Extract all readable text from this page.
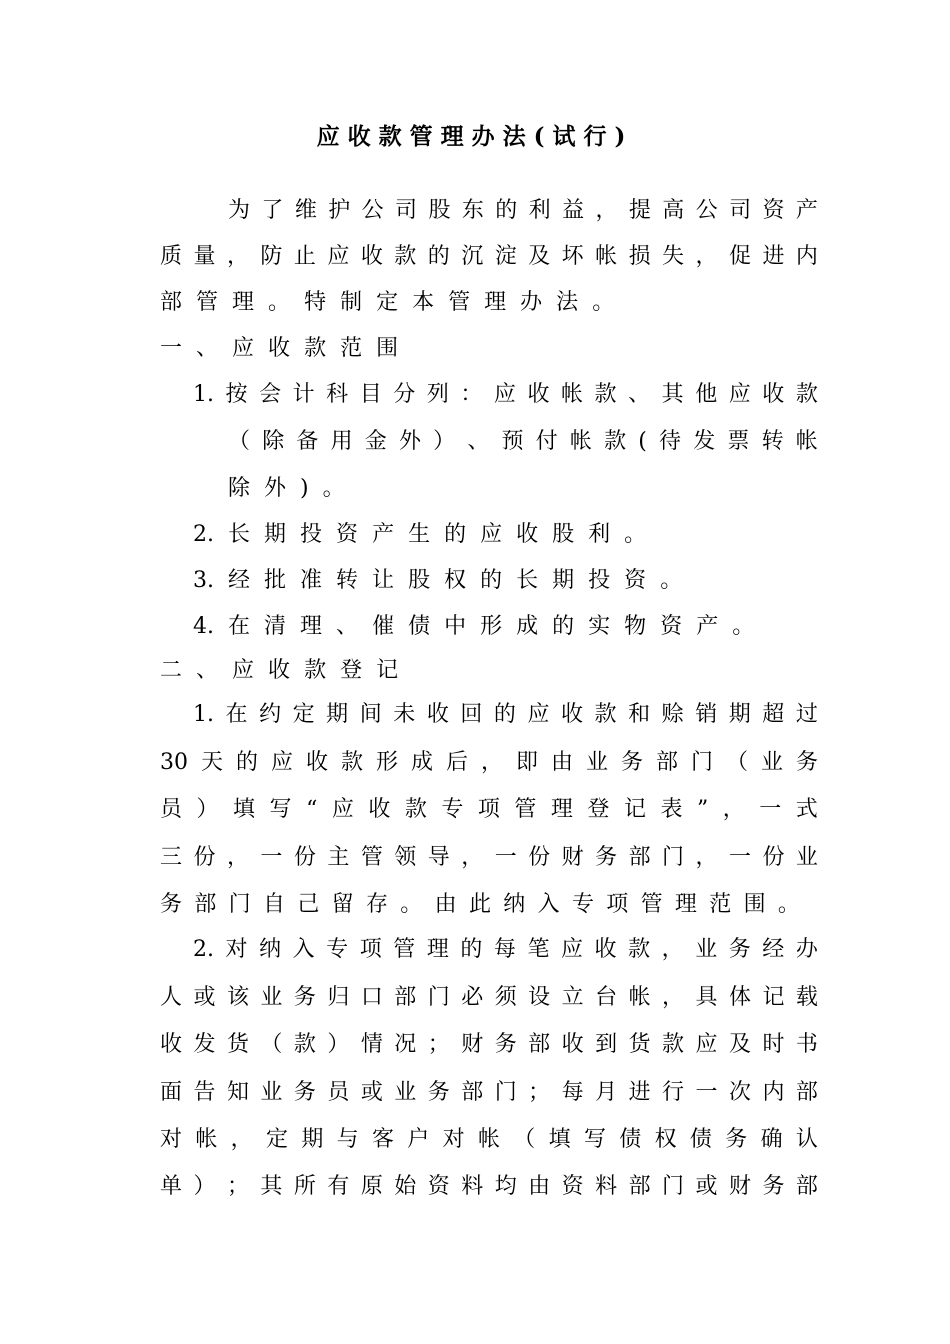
应收款管理办法(试行)
为 了 维 护 公 司 股 东 的 利 益 ， 提 高 公 司 资 产
质 量 ， 防 止 应 收 款 的 沉 淀 及 坏 帐 损 失 ， 促 进 内
部 管 理 。 特 制 定 本 管 理 办 法 。
一 、 应 收 款 范 围
1. 按 会 计 科 目 分 列 ： 应 收 帐 款 、 其 他 应 收 款
（ 除 备 用 金 外 ） 、 预 付 帐 款 ( 待 发 票 转 帐
除 外 ) 。
2. 长 期 投 资 产 生 的 应 收 股 利 。
3. 经 批 准 转 让 股 权 的 长 期 投 资 。
4. 在 清 理 、 催 债 中 形 成 的 实 物 资 产 。
二 、 应 收 款 登 记
1. 在 约 定 期 间 未 收 回 的 应 收 款 和 赊 销 期 超 过
30 天 的 应 收 款 形 成 后 ， 即 由 业 务 部 门 （ 业 务
员 ） 填 写 “ 应 收 款 专 项 管 理 登 记 表 ” ， 一 式
三 份 ， 一 份 主 管 领 导 ， 一 份 财 务 部 门 ， 一 份 业
务 部 门 自 己 留 存 。 由 此 纳 入 专 项 管 理 范 围 。
2. 对 纳 入 专 项 管 理 的 每 笔 应 收 款 ， 业 务 经 办
人 或 该 业 务 归 口 部 门 必 须 设 立 台 帐 ， 具 体 记 载
收 发 货 （ 款 ） 情 况 ； 财 务 部 收 到 货 款 应 及 时 书
面 告 知 业 务 员 或 业 务 部 门 ； 每 月 进 行 一 次 内 部
对 帐 ， 定 期 与 客 户 对 帐 （ 填 写 债 权 债 务 确 认
单 ） ； 其 所 有 原 始 资 料 均 由 资 料 部 门 或 财 务 部
